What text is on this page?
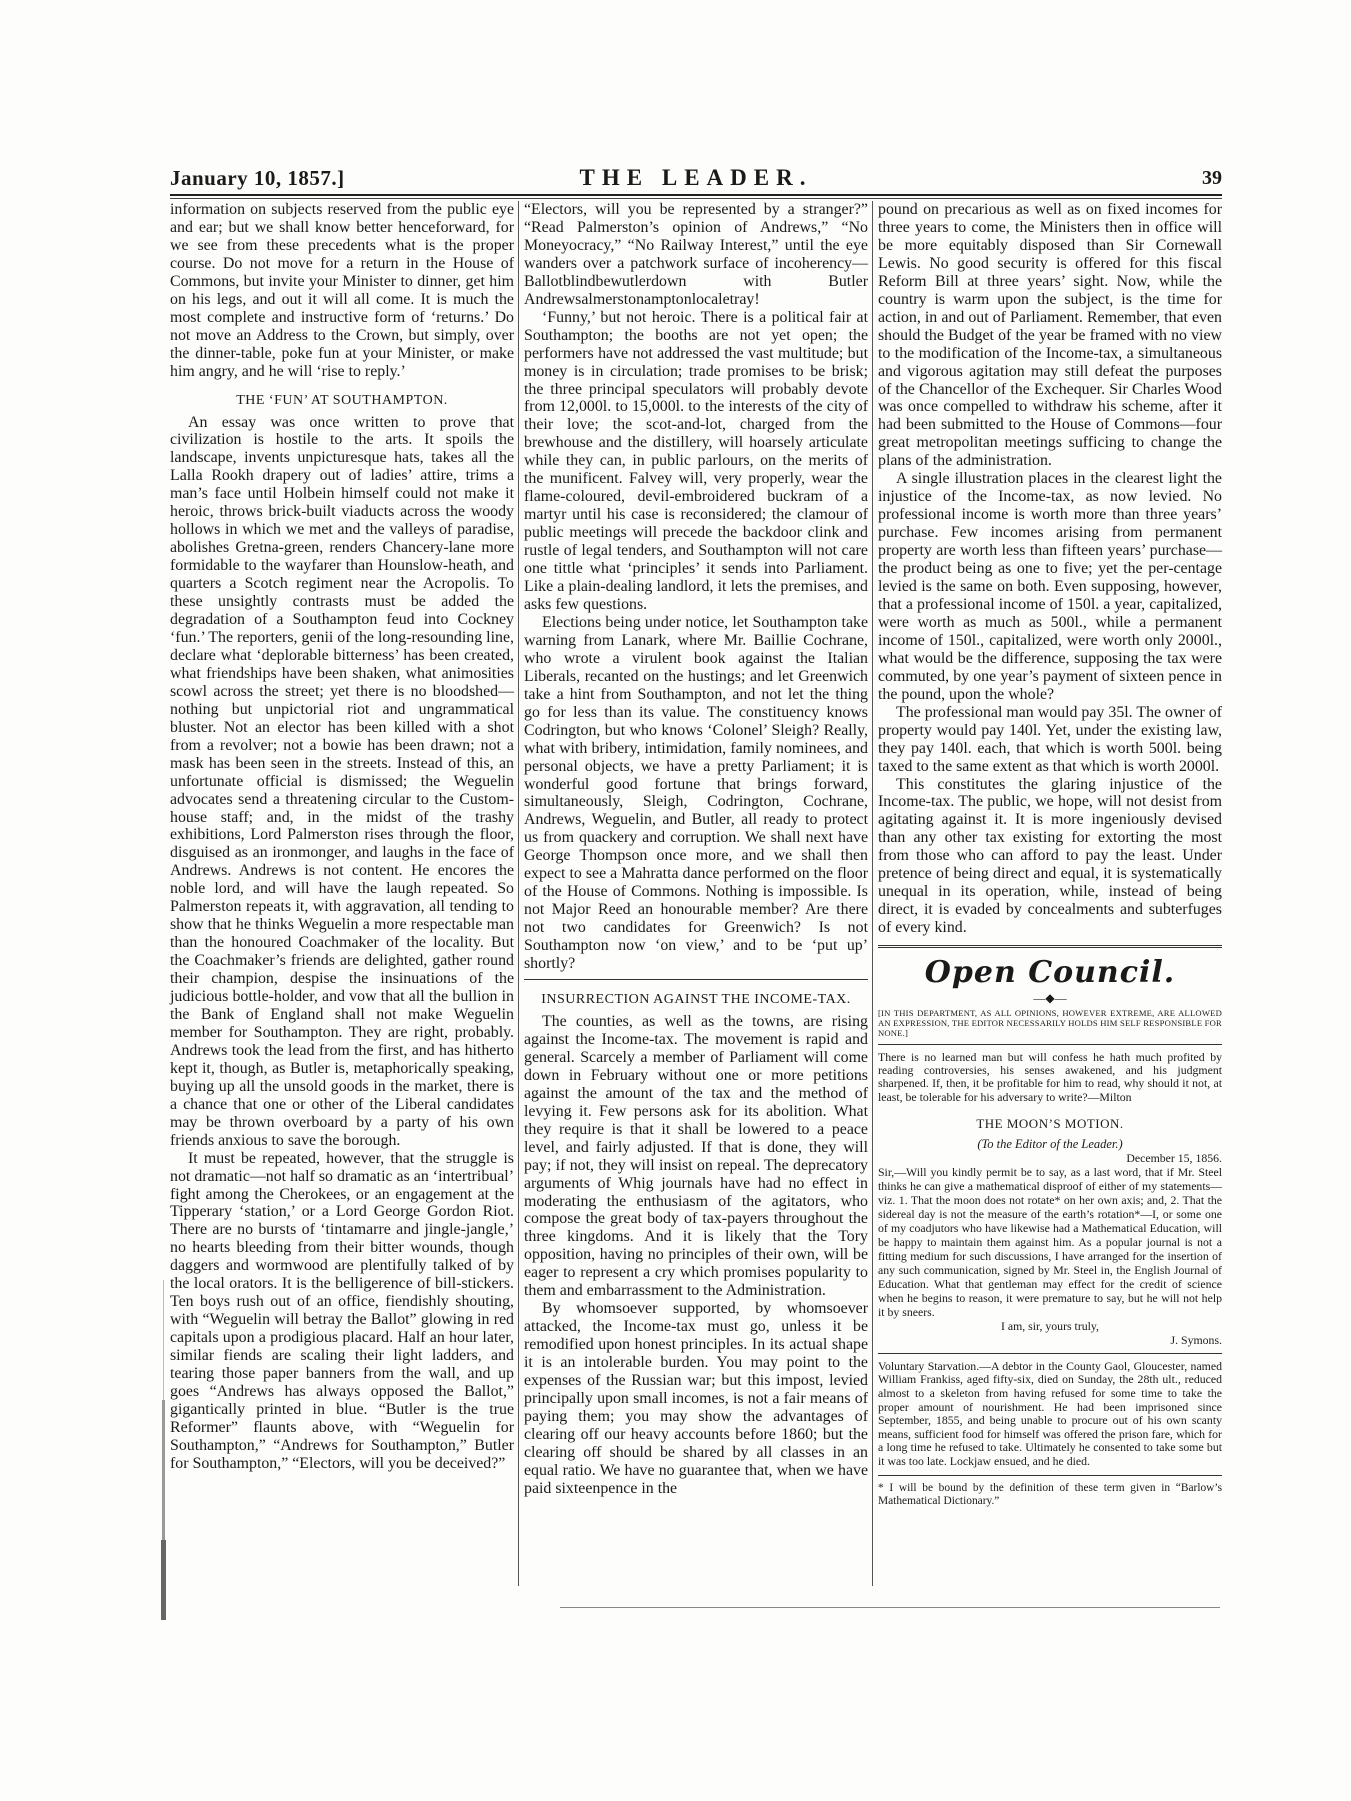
January 10, 1857.]	THE LEADER.	39

information on subjects reserved from the public eye and ear; but we shall know better henceforward, for we see from these precedents what is the proper course. Do not move for a return in the House of Commons, but invite your Minister to dinner, get him on his legs, and out it will all come. It is much the most complete and instructive form of ‘returns.’ Do not move an Address to the Crown, but simply, over the dinner-table, poke fun at your Minister, or make him angry, and he will ‘rise to reply.’

THE ‘FUN’ AT SOUTHAMPTON.

An essay was once written to prove that civilization is hostile to the arts. It spoils the landscape, invents unpicturesque hats, takes all the Lalla Rookh drapery out of ladies’ attire, trims a man’s face until Holbein himself could not make it heroic, throws brick-built viaducts across the woody hollows in which we met and the valleys of paradise, abolishes Gretna-green, renders Chancery-lane more formidable to the wayfarer than Hounslow-heath, and quarters a Scotch regiment near the Acropolis. To these unsightly contrasts must be added the degradation of a Southampton feud into Cockney ‘fun.’ The reporters, genii of the long-resounding line, declare what ‘deplorable bitterness’ has been created, what friendships have been shaken, what animosities scowl across the street; yet there is no bloodshed—nothing but unpictorial riot and ungrammatical bluster. Not an elector has been killed with a shot from a revolver; not a bowie has been drawn; not a mask has been seen in the streets. Instead of this, an unfortunate official is dismissed; the Weguelin advocates send a threatening circular to the Custom-house staff; and, in the midst of the trashy exhibitions, Lord Palmerston rises through the floor, disguised as an ironmonger, and laughs in the face of Andrews. Andrews is not content. He encores the noble lord, and will have the laugh repeated. So Palmerston repeats it, with aggravation, all tending to show that he thinks Weguelin a more respectable man than the honoured Coachmaker of the locality. But the Coachmaker’s friends are delighted, gather round their champion, despise the insinuations of the judicious bottle-holder, and vow that all the bullion in the Bank of England shall not make Weguelin member for Southampton. They are right, probably. Andrews took the lead from the first, and has hitherto kept it, though, as Butler is, metaphorically speaking, buying up all the unsold goods in the market, there is a chance that one or other of the Liberal candidates may be thrown overboard by a party of his own friends anxious to save the borough.

It must be repeated, however, that the struggle is not dramatic—not half so dramatic as an ‘intertribual’ fight among the Cherokees, or an engagement at the Tipperary ‘station,’ or a Lord George Gordon Riot. There are no bursts of ‘tintamarre and jingle-jangle,’ no hearts bleeding from their bitter wounds, though daggers and wormwood are plentifully talked of by the local orators. It is the belligerence of bill-stickers. Ten boys rush out of an office, fiendishly shouting, with “Weguelin will betray the Ballot” glowing in red capitals upon a prodigious placard. Half an hour later, similar fiends are scaling their light ladders, and tearing those paper banners from the wall, and up goes “Andrews has always opposed the Ballot,” gigantically printed in blue. “Butler is the true Reformer” flaunts above, with “Weguelin for Southampton,” “Andrews for Southampton,” Butler for Southampton,” “Electors, will you be deceived?”

“Electors, will you be represented by a stranger?” “Read Palmerston’s opinion of Andrews,” “No Moneyocracy,” “No Railway Interest,” until the eye wanders over a patchwork surface of incoherency—Ballotblindbewutlerdown with Butler Andrewsalmerstonamptonlocaletray!

‘Funny,’ but not heroic. There is a political fair at Southampton; the booths are not yet open; the performers have not addressed the vast multitude; but money is in circulation; trade promises to be brisk; the three principal speculators will probably devote from 12,000l. to 15,000l. to the interests of the city of their love; the scot-and-lot, charged from the brewhouse and the distillery, will hoarsely articulate while they can, in public parlours, on the merits of the munificent. Falvey will, very properly, wear the flame-coloured, devil-embroidered buckram of a martyr until his case is reconsidered; the clamour of public meetings will precede the backdoor clink and rustle of legal tenders, and Southampton will not care one tittle what ‘principles’ it sends into Parliament. Like a plain-dealing landlord, it lets the premises, and asks few questions.

Elections being under notice, let Southampton take warning from Lanark, where Mr. Baillie Cochrane, who wrote a virulent book against the Italian Liberals, recanted on the hustings; and let Greenwich take a hint from Southampton, and not let the thing go for less than its value. The constituency knows Codrington, but who knows ‘Colonel’ Sleigh? Really, what with bribery, intimidation, family nominees, and personal objects, we have a pretty Parliament; it is wonderful good fortune that brings forward, simultaneously, Sleigh, Codrington, Cochrane, Andrews, Weguelin, and Butler, all ready to protect us from quackery and corruption. We shall next have George Thompson once more, and we shall then expect to see a Mahratta dance performed on the floor of the House of Commons. Nothing is impossible. Is not Major Reed an honourable member? Are there not two candidates for Greenwich? Is not Southampton now ‘on view,’ and to be ‘put up’ shortly?

INSURRECTION AGAINST THE INCOME-TAX.

The counties, as well as the towns, are rising against the Income-tax. The movement is rapid and general. Scarcely a member of Parliament will come down in February without one or more petitions against the amount of the tax and the method of levying it. Few persons ask for its abolition. What they require is that it shall be lowered to a peace level, and fairly adjusted. If that is done, they will pay; if not, they will insist on repeal. The deprecatory arguments of Whig journals have had no effect in moderating the enthusiasm of the agitators, who compose the great body of tax-payers throughout the three kingdoms. And it is likely that the Tory opposition, having no principles of their own, will be eager to represent a cry which promises popularity to them and embarrassment to the Administration.

By whomsoever supported, by whomsoever attacked, the Income-tax must go, unless it be remodified upon honest principles. In its actual shape it is an intolerable burden. You may point to the expenses of the Russian war; but this impost, levied principally upon small incomes, is not a fair means of paying them; you may show the advantages of clearing off our heavy accounts before 1860; but the clearing off should be shared by all classes in an equal ratio. We have no guarantee that, when we have paid sixteenpence in the

pound on precarious as well as on fixed incomes for three years to come, the Ministers then in office will be more equitably disposed than Sir Cornewall Lewis. No good security is offered for this fiscal Reform Bill at three years’ sight. Now, while the country is warm upon the subject, is the time for action, in and out of Parliament. Remember, that even should the Budget of the year be framed with no view to the modification of the Income-tax, a simultaneous and vigorous agitation may still defeat the purposes of the Chancellor of the Exchequer. Sir Charles Wood was once compelled to withdraw his scheme, after it had been submitted to the House of Commons—four great metropolitan meetings sufficing to change the plans of the administration.

A single illustration places in the clearest light the injustice of the Income-tax, as now levied. No professional income is worth more than three years’ purchase. Few incomes arising from permanent property are worth less than fifteen years’ purchase—the product being as one to five; yet the per-centage levied is the same on both. Even supposing, however, that a professional income of 150l. a year, capitalized, were worth as much as 500l., while a permanent income of 150l., capitalized, were worth only 2000l., what would be the difference, supposing the tax were commuted, by one year’s payment of sixteen pence in the pound, upon the whole?

The professional man would pay 35l. The owner of property would pay 140l. Yet, under the existing law, they pay 140l. each, that which is worth 500l. being taxed to the same extent as that which is worth 2000l.

This constitutes the glaring injustice of the Income-tax. The public, we hope, will not desist from agitating against it. It is more ingeniously devised than any other tax existing for extorting the most from those who can afford to pay the least. Under pretence of being direct and equal, it is systematically unequal in its operation, while, instead of being direct, it is evaded by concealments and subterfuges of every kind.

Open Council.
—◆—
[IN THIS DEPARTMENT, AS ALL OPINIONS, HOWEVER EXTREME, ARE ALLOWED AN EXPRESSION, THE EDITOR NECESSARILY HOLDS HIM SELF RESPONSIBLE FOR NONE.]
There is no learned man but will confess he hath much profited by reading controversies, his senses awakened, and his judgment sharpened. If, then, it be profitable for him to read, why should it not, at least, be tolerable for his adversary to write?—Milton
THE MOON’S MOTION.
(To the Editor of the Leader.)
December 15, 1856.

Sir,—Will you kindly permit be to say, as a last word, that if Mr. Steel thinks he can give a mathematical disproof of either of my statements—viz. 1. That the moon does not rotate* on her own axis; and, 2. That the sidereal day is not the measure of the earth’s rotation*—I, or some one of my coadjutors who have likewise had a Mathematical Education, will be happy to maintain them against him. As a popular journal is not a fitting medium for such discussions, I have arranged for the insertion of any such communication, signed by Mr. Steel in, the English Journal of Education. What that gentleman may effect for the credit of science when he begins to reason, it were premature to say, but he will not help it by sneers.

I am, sir, yours truly,

J. Symons.

Voluntary Starvation.—A debtor in the County Gaol, Gloucester, named William Frankiss, aged fifty-six, died on Sunday, the 28th ult., reduced almost to a skeleton from having refused for some time to take the proper amount of nourishment. He had been imprisoned since September, 1855, and being unable to procure out of his own scanty means, sufficient food for himself was offered the prison fare, which for a long time he refused to take. Ultimately he consented to take some but it was too late. Lockjaw ensued, and he died.
* I will be bound by the definition of these term given in “Barlow’s Mathematical Dictionary.”
